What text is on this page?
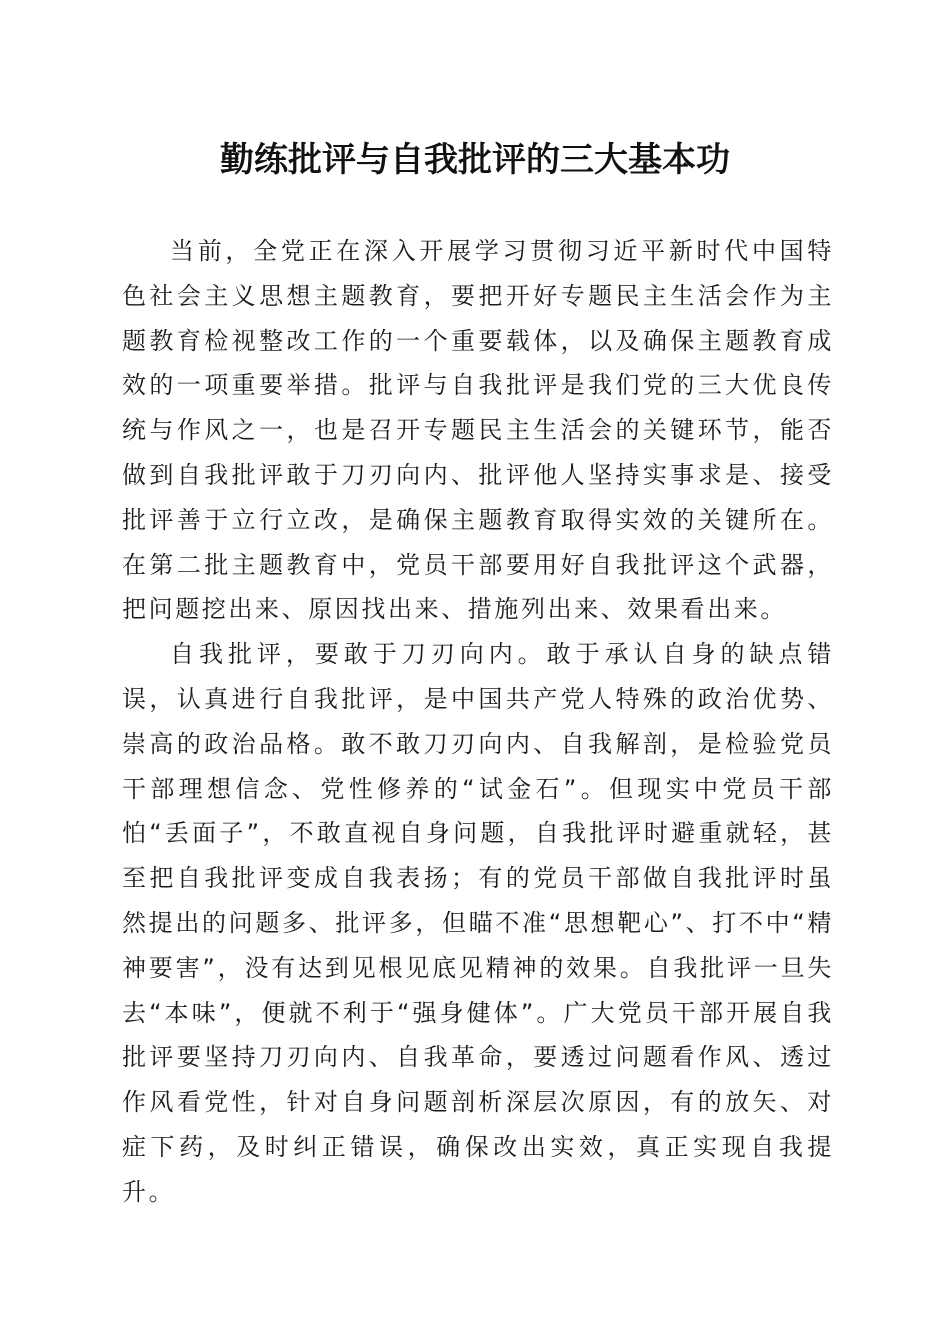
勤练批评与自我批评的三大基本功

当前，全党正在深入开展学习贯彻习近平新时代中国特色社会主义思想主题教育，要把开好专题民主生活会作为主题教育检视整改工作的一个重要载体，以及确保主题教育成效的一项重要举措。批评与自我批评是我们党的三大优良传统与作风之一，也是召开专题民主生活会的关键环节，能否做到自我批评敢于刀刃向内、批评他人坚持实事求是、接受批评善于立行立改，是确保主题教育取得实效的关键所在。在第二批主题教育中，党员干部要用好自我批评这个武器，把问题挖出来、原因找出来、措施列出来、效果看出来。

自我批评，要敢于刀刃向内。敢于承认自身的缺点错误，认真进行自我批评，是中国共产党人特殊的政治优势、崇高的政治品格。敢不敢刀刃向内、自我解剖，是检验党员干部理想信念、党性修养的“试金石”。但现实中党员干部怕“丢面子”，不敢直视自身问题，自我批评时避重就轻，甚至把自我批评变成自我表扬；有的党员干部做自我批评时虽然提出的问题多、批评多，但瞄不准“思想靶心”、打不中“精神要害”，没有达到见根见底见精神的效果。自我批评一旦失去“本味”，便就不利于“强身健体”。广大党员干部开展自我批评要坚持刀刃向内、自我革命，要透过问题看作风、透过作风看党性，针对自身问题剖析深层次原因，有的放矢、对症下药，及时纠正错误，确保改出实效，真正实现自我提升。
